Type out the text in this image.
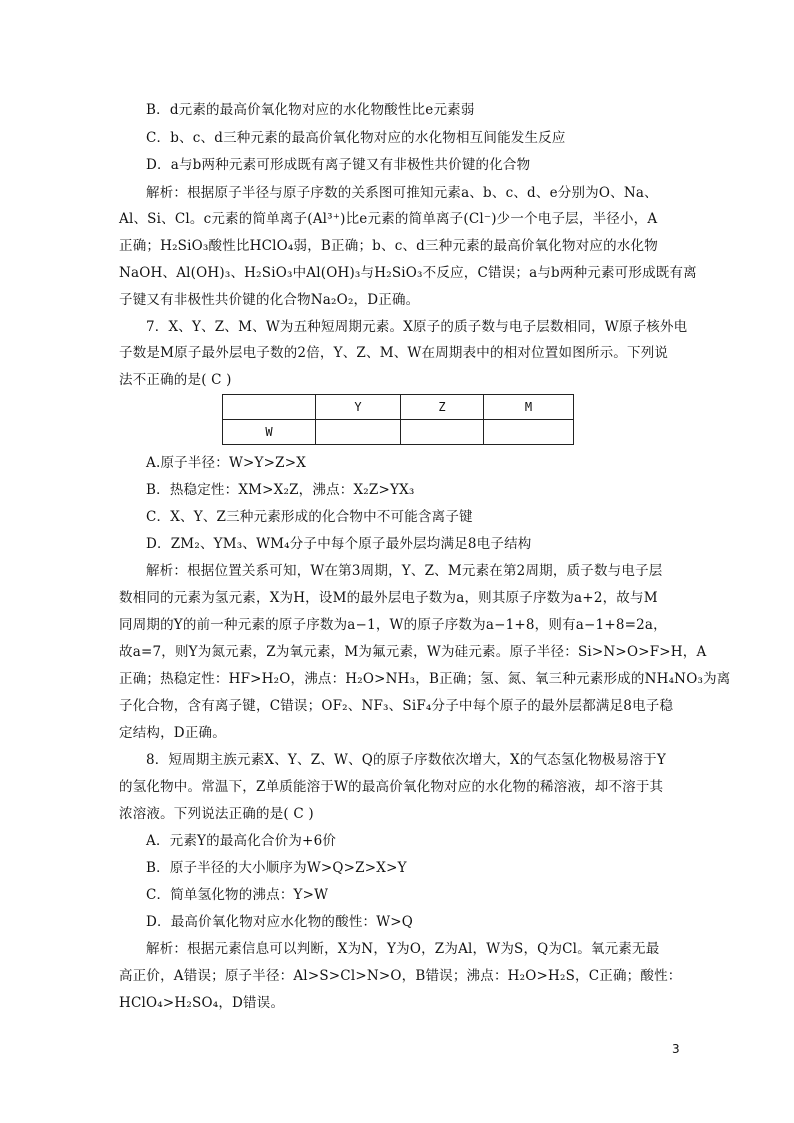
B．d元素的最高价氧化物对应的水化物酸性比e元素弱
C．b、c、d三种元素的最高价氧化物对应的水化物相互间能发生反应
D．a与b两种元素可形成既有离子键又有非极性共价键的化合物
解析：根据原子半径与原子序数的关系图可推知元素a、b、c、d、e分别为O、Na、
Al、Si、Cl。c元素的简单离子(Al³⁺)比e元素的简单离子(Cl⁻)少一个电子层，半径小，A
正确；H₂SiO₃酸性比HClO₄弱，B正确；b、c、d三种元素的最高价氧化物对应的水化物
NaOH、Al(OH)₃、H₂SiO₃中Al(OH)₃与H₂SiO₃不反应，C错误；a与b两种元素可形成既有离
子键又有非极性共价键的化合物Na₂O₂，D正确。
7．X、Y、Z、M、W为五种短周期元素。X原子的质子数与电子层数相同，W原子核外电
子数是M原子最外层电子数的2倍，Y、Z、M、W在周期表中的相对位置如图所示。下列说
法不正确的是( C )
	Y	Z	M
W			
A.原子半径：W>Y>Z>X
B．热稳定性：XM>X₂Z，沸点：X₂Z>YX₃
C．X、Y、Z三种元素形成的化合物中不可能含离子键
D．ZM₂、YM₃、WM₄分子中每个原子最外层均满足8电子结构
解析：根据位置关系可知，W在第3周期，Y、Z、M元素在第2周期，质子数与电子层
数相同的元素为氢元素，X为H，设M的最外层电子数为a，则其原子序数为a+2，故与M
同周期的Y的前一种元素的原子序数为a−1，W的原子序数为a−1+8，则有a−1+8=2a，
故a=7，则Y为氮元素，Z为氧元素，M为氟元素，W为硅元素。原子半径：Si>N>O>F>H，A
正确；热稳定性：HF>H₂O，沸点：H₂O>NH₃，B正确；氢、氮、氧三种元素形成的NH₄NO₃为离
子化合物，含有离子键，C错误；OF₂、NF₃、SiF₄分子中每个原子的最外层都满足8电子稳
定结构，D正确。
8．短周期主族元素X、Y、Z、W、Q的原子序数依次增大，X的气态氢化物极易溶于Y
的氢化物中。常温下，Z单质能溶于W的最高价氧化物对应的水化物的稀溶液，却不溶于其
浓溶液。下列说法正确的是( C )
A．元素Y的最高化合价为+6价
B．原子半径的大小顺序为W>Q>Z>X>Y
C．简单氢化物的沸点：Y>W
D．最高价氧化物对应水化物的酸性：W>Q
解析：根据元素信息可以判断，X为N，Y为O，Z为Al，W为S，Q为Cl。氧元素无最
高正价，A错误；原子半径：Al>S>Cl>N>O，B错误；沸点：H₂O>H₂S，C正确；酸性：
HClO₄>H₂SO₄，D错误。
3
